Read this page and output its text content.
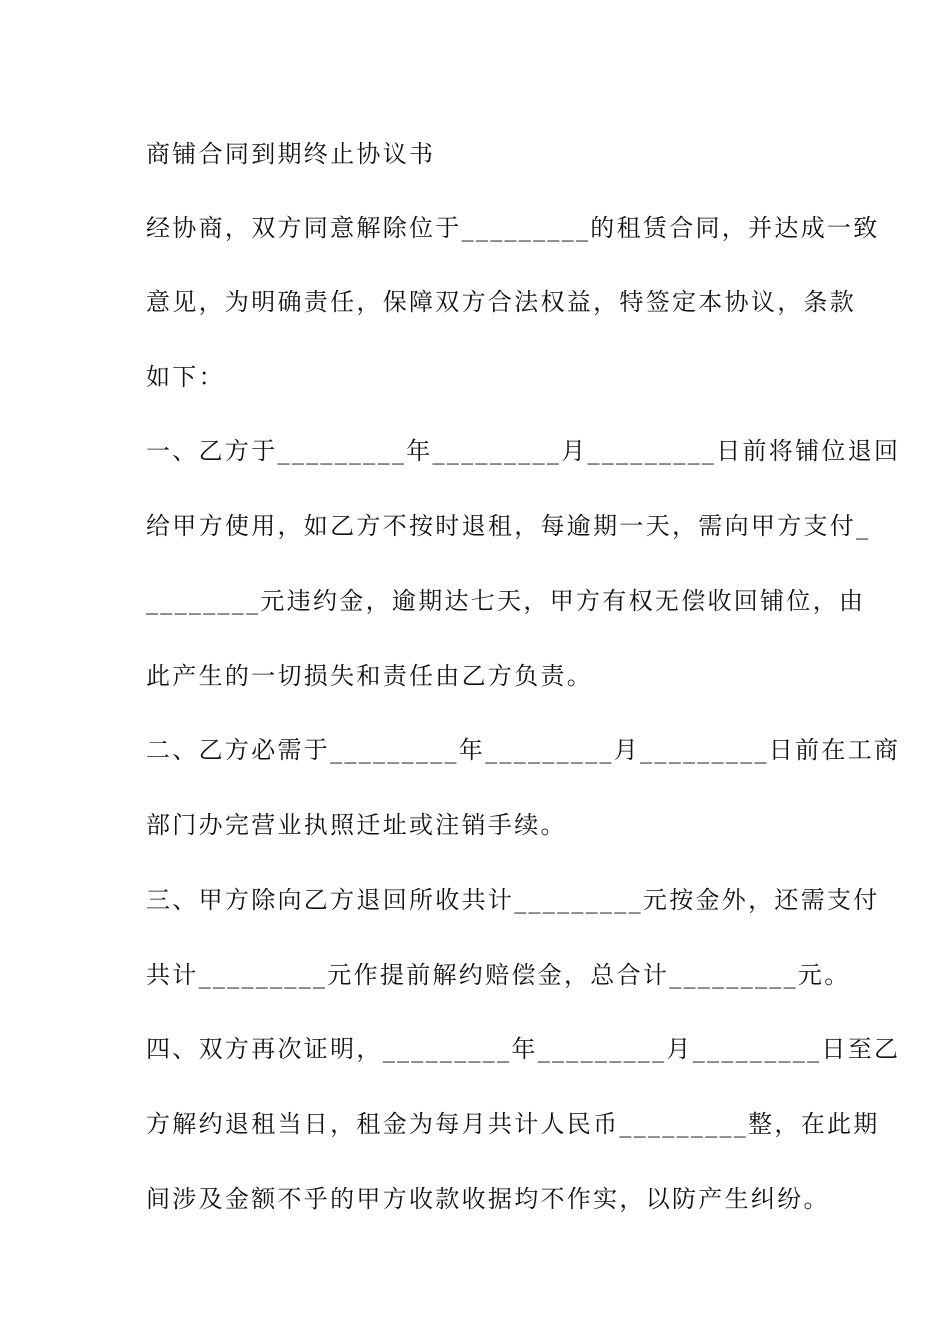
商铺合同到期终止协议书

经协商，双方同意解除位于_________的租赁合同，并达成一致

意见，为明确责任，保障双方合法权益，特签定本协议，条款

如下：

一、乙方于_________年_________月_________日前将铺位退回

给甲方使用，如乙方不按时退租，每逾期一天，需向甲方支付_

________元违约金，逾期达七天，甲方有权无偿收回铺位，由

此产生的一切损失和责任由乙方负责。

二、乙方必需于_________年_________月_________日前在工商

部门办完营业执照迁址或注销手续。

三、甲方除向乙方退回所收共计_________元按金外，还需支付

共计_________元作提前解约赔偿金，总合计_________元。

四、双方再次证明，_________年_________月_________日至乙

方解约退租当日，租金为每月共计人民币_________整，在此期

间涉及金额不乎的甲方收款收据均不作实，以防产生纠纷。
